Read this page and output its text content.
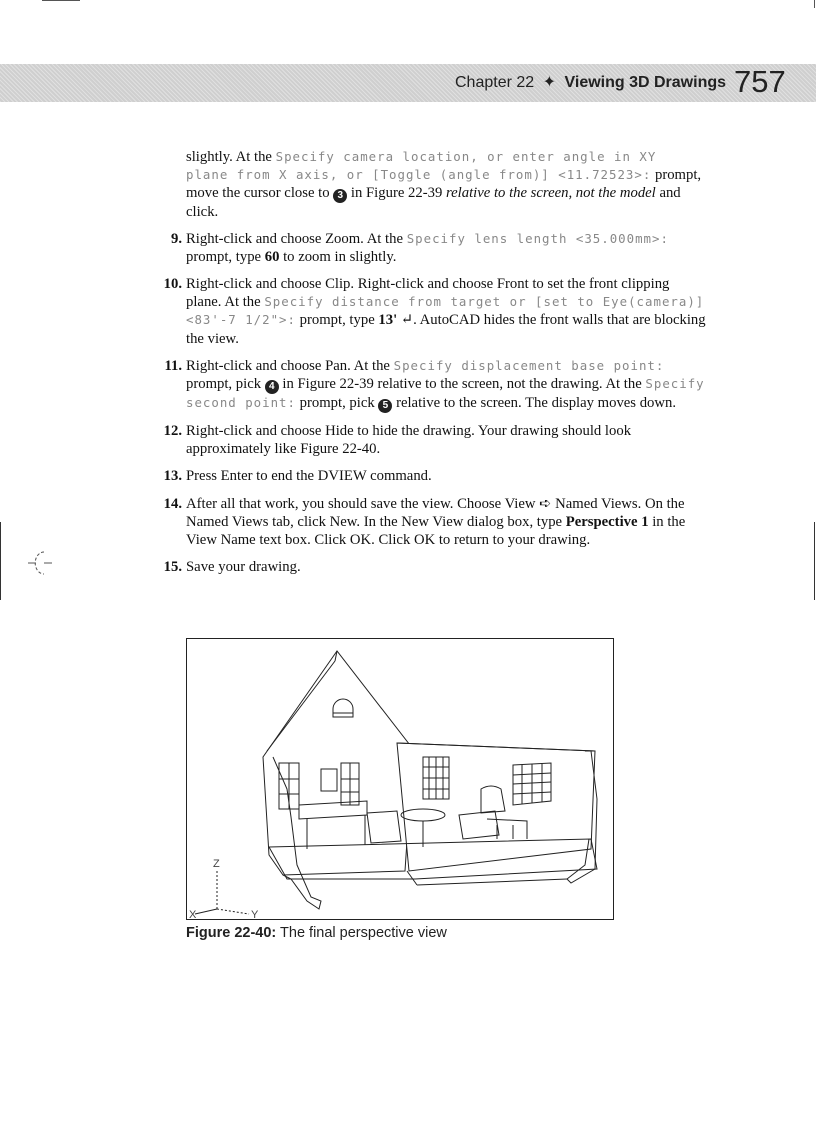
Chapter 22 ✦ Viewing 3D Drawings 757
slightly. At the Specify camera location, or enter angle in XY plane from X axis, or [Toggle (angle from)] <11.72523>: prompt, move the cursor close to 3 in Figure 22-39 relative to the screen, not the model and click.
9. Right-click and choose Zoom. At the Specify lens length <35.000mm>: prompt, type 60 to zoom in slightly.
10. Right-click and choose Clip. Right-click and choose Front to set the front clipping plane. At the Specify distance from target or [set to Eye(camera)] <83'-7 1/2">: prompt, type 13' ↵. AutoCAD hides the front walls that are blocking the view.
11. Right-click and choose Pan. At the Specify displacement base point: prompt, pick 4 in Figure 22-39 relative to the screen, not the drawing. At the Specify second point: prompt, pick 5 relative to the screen. The display moves down.
12. Right-click and choose Hide to hide the drawing. Your drawing should look approximately like Figure 22-40.
13. Press Enter to end the DVIEW command.
14. After all that work, you should save the view. Choose View ➪ Named Views. On the Named Views tab, click New. In the New View dialog box, type Perspective 1 in the View Name text box. Click OK. Click OK to return to your drawing.
15. Save your drawing.
Z
X	Y
Figure 22-40: The final perspective view
